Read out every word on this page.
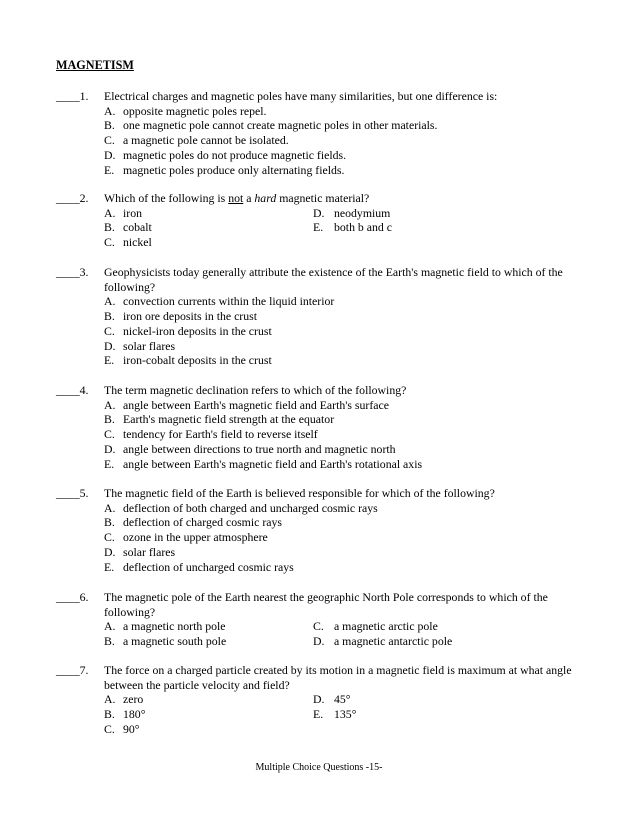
MAGNETISM
____1. Electrical charges and magnetic poles have many similarities, but one difference is:
A. opposite magnetic poles repel.
B. one magnetic pole cannot create magnetic poles in other materials.
C. a magnetic pole cannot be isolated.
D. magnetic poles do not produce magnetic fields.
E. magnetic poles produce only alternating fields.
____2. Which of the following is not a hard magnetic material?
A. iron	D. neodymium
B. cobalt	E. both b and c
C. nickel
____3. Geophysicists today generally attribute the existence of the Earth's magnetic field to which of the following?
A. convection currents within the liquid interior
B. iron ore deposits in the crust
C. nickel-iron deposits in the crust
D. solar flares
E. iron-cobalt deposits in the crust
____4. The term magnetic declination refers to which of the following?
A. angle between Earth's magnetic field and Earth's surface
B. Earth's magnetic field strength at the equator
C. tendency for Earth's field to reverse itself
D. angle between directions to true north and magnetic north
E. angle between Earth's magnetic field and Earth's rotational axis
____5. The magnetic field of the Earth is believed responsible for which of the following?
A. deflection of both charged and uncharged cosmic rays
B. deflection of charged cosmic rays
C. ozone in the upper atmosphere
D. solar flares
E. deflection of uncharged cosmic rays
____6. The magnetic pole of the Earth nearest the geographic North Pole corresponds to which of the following?
A. a magnetic north pole	C. a magnetic arctic pole
B. a magnetic south pole	D. a magnetic antarctic pole
____7. The force on a charged particle created by its motion in a magnetic field is maximum at what angle between the particle velocity and field?
A. zero	D. 45°
B. 180°	E. 135°
C. 90°
Multiple Choice Questions -15-
